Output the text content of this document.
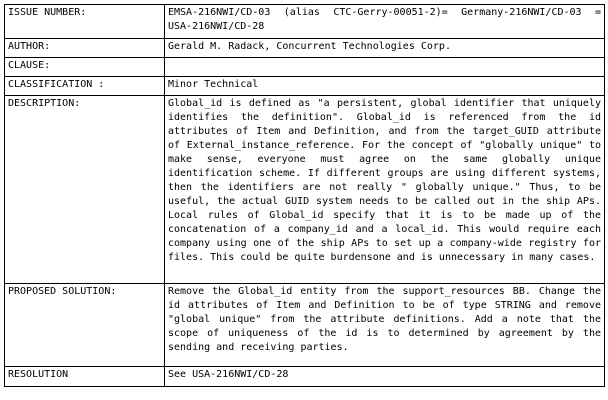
ISSUE NUMBER:	EMSA-216NWI/CD-03 (alias CTC-Gerry-00051-2)= Germany-216NWI/CD-03 = USA-216NWI/CD-28

AUTHOR:	Gerald M. Radack, Concurrent Technologies Corp.

CLAUSE:	

CLASSIFICATION :	Minor Technical

DESCRIPTION:	Global_id is defined as "a persistent, global identifier that uniquely identifies the definition". Global_id is referenced from the id attributes of Item and Definition, and from the target_GUID attribute of External_instance_reference. For the concept of "globally unique" to make sense, everyone must agree on the same globally unique identification scheme. If different groups are using different systems, then the identifiers are not really " globally unique." Thus, to be useful, the actual GUID system needs to be called out in the ship APs. Local rules of Global_id specify that it is to be made up of the concatenation of a company_id and a local_id. This would require each company using one of the ship APs to set up a company-wide registry for files. This could be quite burdensone and is unnecessary in many cases.

PROPOSED SOLUTION:	Remove the Global_id entity from the support_resources BB. Change the id attributes of Item and Definition to be of type STRING and remove "global unique" from the attribute definitions. Add a note that the scope of uniqueness of the id is to determined by agreement by the sending and receiving parties.

RESOLUTION	See USA-216NWI/CD-28
